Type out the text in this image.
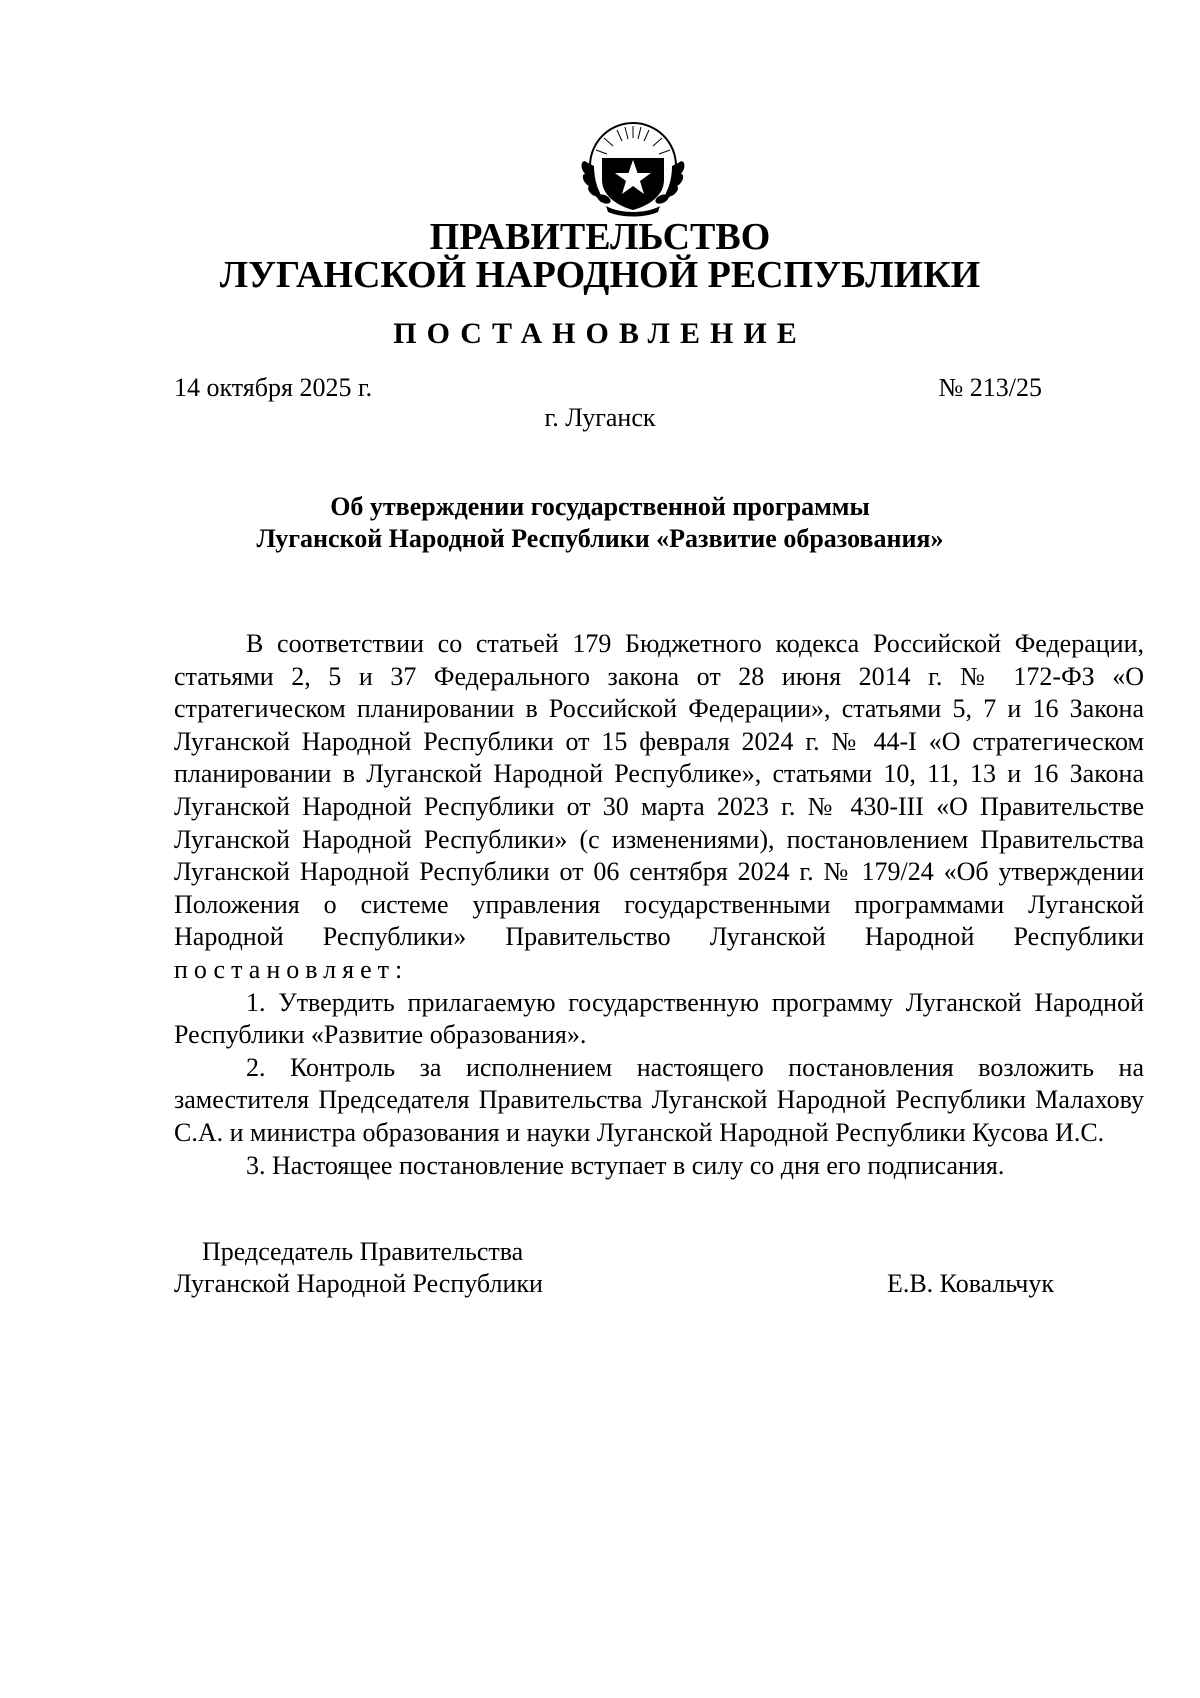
ПРАВИТЕЛЬСТВО
ЛУГАНСКОЙ НАРОДНОЙ РЕСПУБЛИКИ
ПОСТАНОВЛЕНИЕ
14 октября 2025 г.	№ 213/25
г. Луганск
Об утверждении государственной программы
Луганской Народной Республики «Развитие образования»

В соответствии со статьей 179 Бюджетного кодекса Российской Федерации, статьями 2, 5 и 37 Федерального закона от 28 июня 2014 г. № 172-ФЗ «О стратегическом планировании в Российской Федерации», статьями 5, 7 и 16 Закона Луганской Народной Республики от 15 февраля 2024 г. № 44-I «О стратегическом планировании в Луганской Народной Республике», статьями 10, 11, 13 и 16 Закона Луганской Народной Республики от 30 марта 2023 г. № 430-III «О Правительстве Луганской Народной Республики» (с изменениями), постановлением Правительства Луганской Народной Республики от 06 сентября 2024 г. № 179/24 «Об утверждении Положения о системе управления государственными программами Луганской Народной Республики» Правительство Луганской Народной Республики постановляет:

1. Утвердить прилагаемую государственную программу Луганской Народной Республики «Развитие образования».

2. Контроль за исполнением настоящего постановления возложить на заместителя Председателя Правительства Луганской Народной Республики Малахову С.А. и министра образования и науки Луганской Народной Республики Кусова И.С.

3. Настоящее постановление вступает в силу со дня его подписания.

Председатель Правительства
Луганской Народной Республики	Е.В. Ковальчук
